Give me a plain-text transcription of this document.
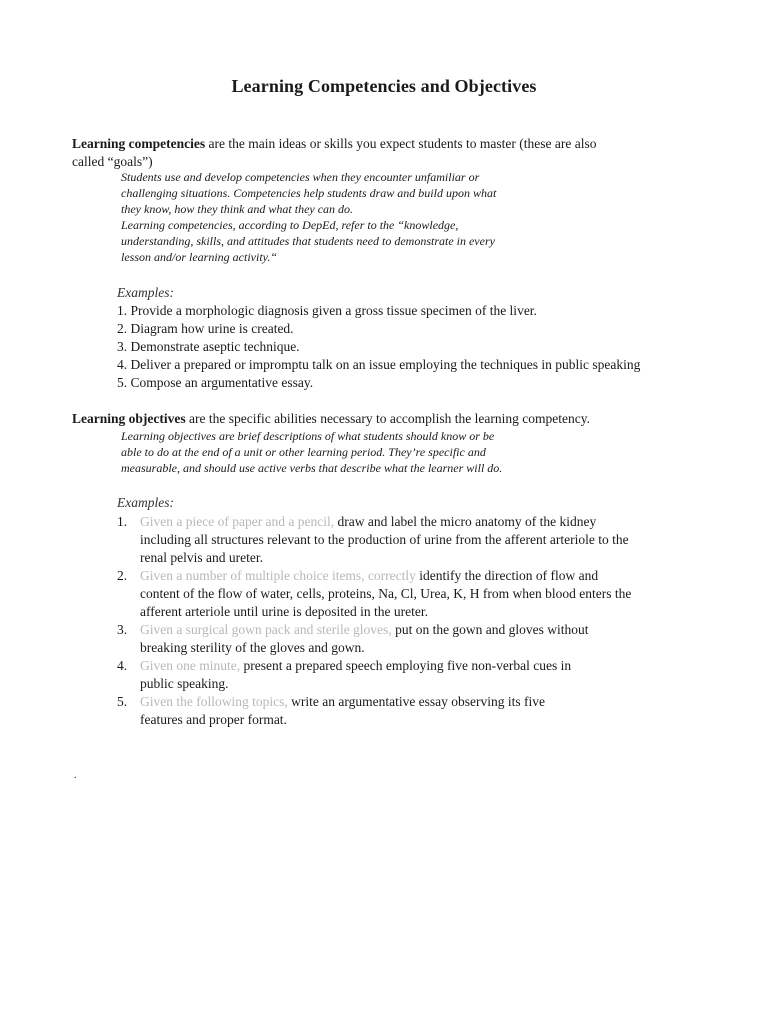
Learning Competencies and Objectives
Learning competencies are the main ideas or skills you expect students to master (these are also
called “goals”)
Students use and develop competencies when they encounter unfamiliar or
challenging situations. Competencies help students draw and build upon what
they know, how they think and what they can do.
Learning competencies, according to DepEd, refer to the “knowledge,
understanding, skills, and attitudes that students need to demonstrate in every
lesson and/or learning activity.“
Examples:
1. Provide a morphologic diagnosis given a gross tissue specimen of the liver.
2. Diagram how urine is created.
3. Demonstrate aseptic technique.
4. Deliver a prepared or impromptu talk on an issue employing the techniques in public speaking
5. Compose an argumentative essay.
Learning objectives are the specific abilities necessary to accomplish the learning competency.
Learning objectives are brief descriptions of what students should know or be
able to do at the end of a unit or other learning period. They’re specific and
measurable, and should use active verbs that describe what the learner will do.
Examples:
1. Given a piece of paper and a pencil, draw and label the micro anatomy of the kidney
including all structures relevant to the production of urine from the afferent arteriole to the
renal pelvis and ureter.
2. Given a number of multiple choice items, correctly identify the direction of flow and
content of the flow of water, cells, proteins, Na, Cl, Urea, K, H from when blood enters the
afferent arteriole until urine is deposited in the ureter.
3. Given a surgical gown pack and sterile gloves, put on the gown and gloves without
breaking sterility of the gloves and gown.
4. Given one minute, present a prepared speech employing five non-verbal cues in
public speaking.
5. Given the following topics, write an argumentative essay observing its five
features and proper format.
.
